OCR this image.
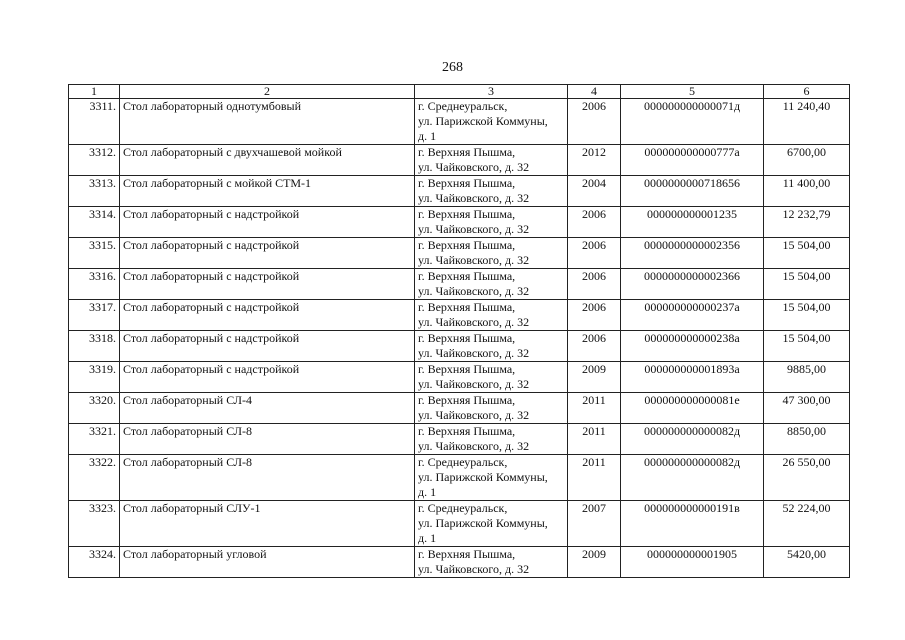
268
1	2	3	4	5	6
3311.	Стол лабораторный однотумбовый	г. Среднеуральск,
ул. Парижской Коммуны,
д. 1	2006	000000000000071д	11 240,40
3312.	Стол лабораторный с двухчашевой мойкой	г. Верхняя Пышма,
ул. Чайковского, д. 32	2012	000000000000777а	6700,00
3313.	Стол лабораторный с мойкой СТМ-1	г. Верхняя Пышма,
ул. Чайковского, д. 32	2004	0000000000718656	11 400,00
3314.	Стол лабораторный с надстройкой	г. Верхняя Пышма,
ул. Чайковского, д. 32	2006	000000000001235	12 232,79
3315.	Стол лабораторный с надстройкой	г. Верхняя Пышма,
ул. Чайковского, д. 32	2006	0000000000002356	15 504,00
3316.	Стол лабораторный с надстройкой	г. Верхняя Пышма,
ул. Чайковского, д. 32	2006	0000000000002366	15 504,00
3317.	Стол лабораторный с надстройкой	г. Верхняя Пышма,
ул. Чайковского, д. 32	2006	000000000000237а	15 504,00
3318.	Стол лабораторный с надстройкой	г. Верхняя Пышма,
ул. Чайковского, д. 32	2006	000000000000238а	15 504,00
3319.	Стол лабораторный с надстройкой	г. Верхняя Пышма,
ул. Чайковского, д. 32	2009	000000000001893а	9885,00
3320.	Стол лабораторный СЛ-4	г. Верхняя Пышма,
ул. Чайковского, д. 32	2011	000000000000081е	47 300,00
3321.	Стол лабораторный СЛ-8	г. Верхняя Пышма,
ул. Чайковского, д. 32	2011	000000000000082д	8850,00
3322.	Стол лабораторный СЛ-8	г. Среднеуральск,
ул. Парижской Коммуны,
д. 1	2011	000000000000082д	26 550,00
3323.	Стол лабораторный СЛУ-1	г. Среднеуральск,
ул. Парижской Коммуны,
д. 1	2007	000000000000191в	52 224,00
3324.	Стол лабораторный угловой	г. Верхняя Пышма,
ул. Чайковского, д. 32	2009	000000000001905	5420,00
